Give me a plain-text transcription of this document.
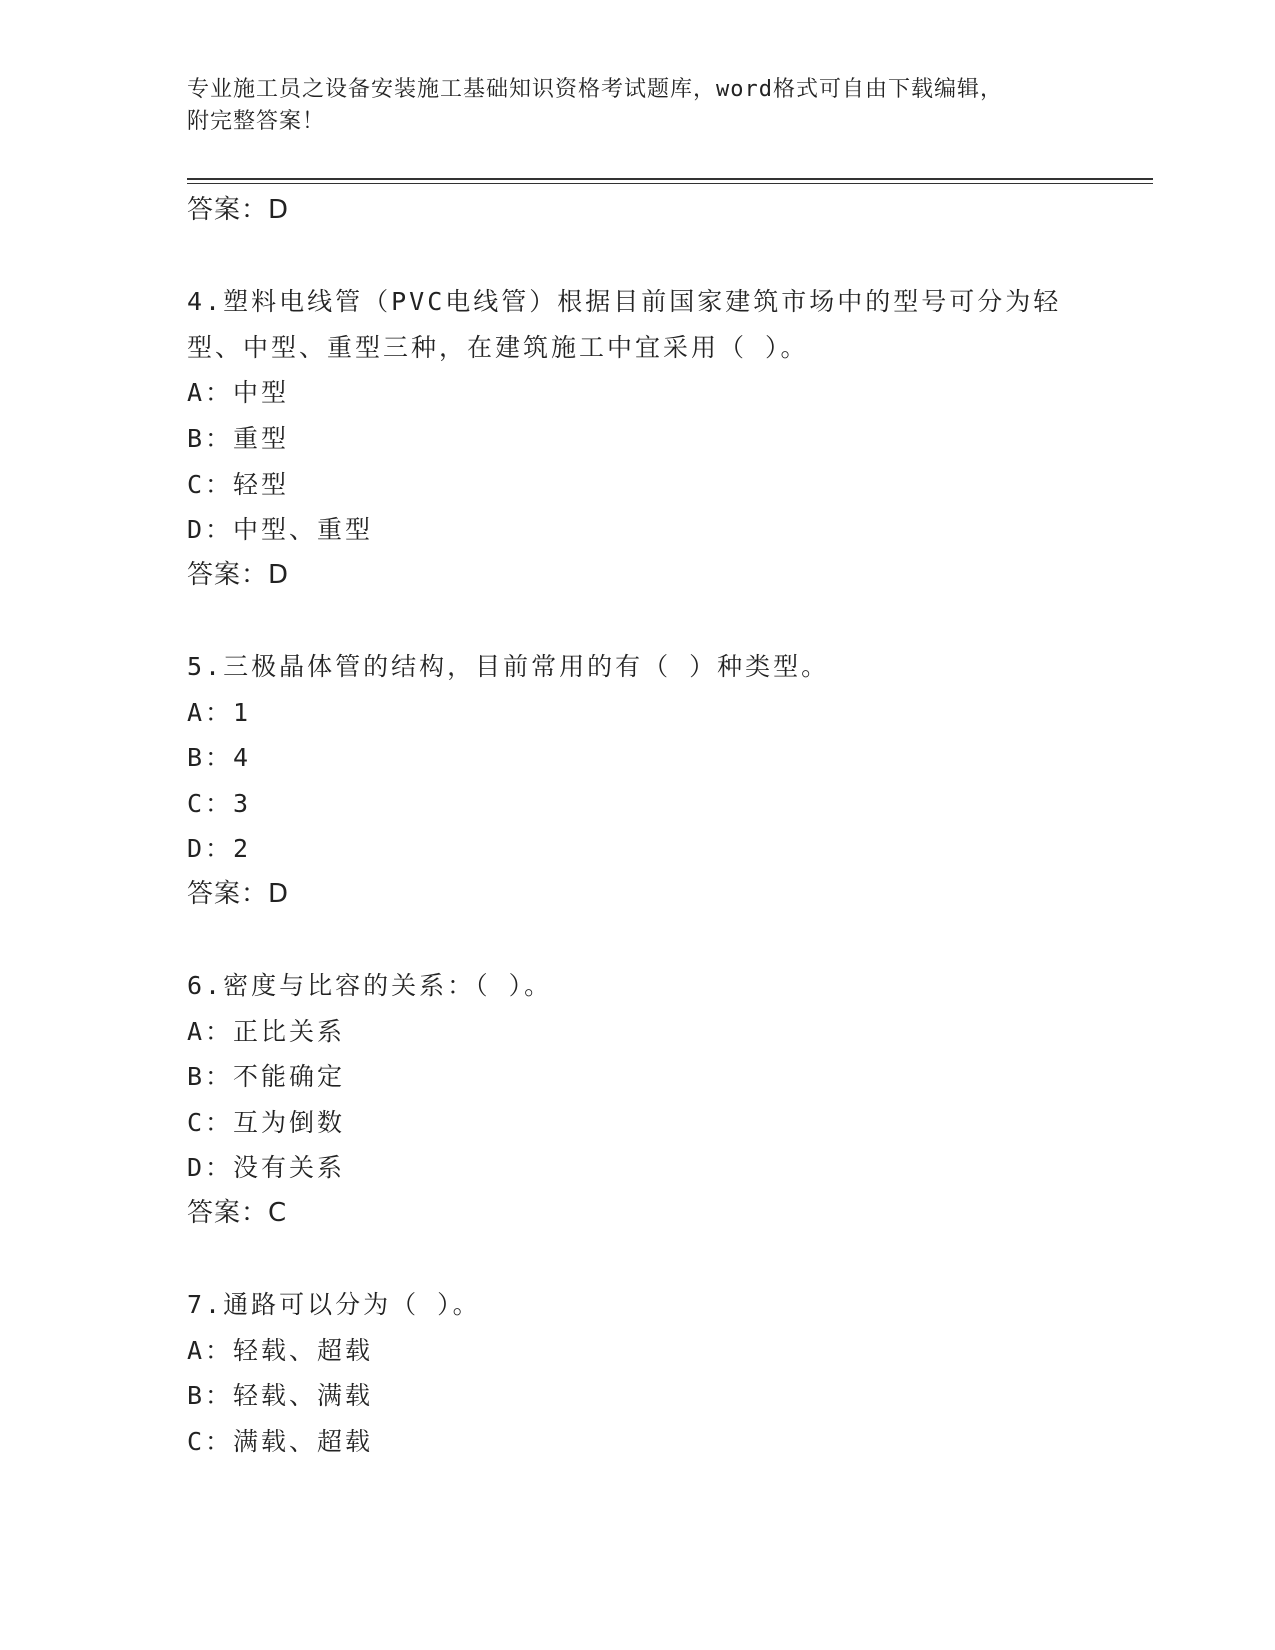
专业施工员之设备安装施工基础知识资格考试题库，word格式可自由下载编辑，
附完整答案！
答案：D
4.塑料电线管（PVC电线管）根据目前国家建筑市场中的型号可分为轻
型、中型、重型三种，在建筑施工中宜采用（ ）。
A：中型
B：重型
C：轻型
D：中型、重型
答案：D
5.三极晶体管的结构，目前常用的有（ ）种类型。
A：1
B：4
C：3
D：2
答案：D
6.密度与比容的关系：（ ）。
A：正比关系
B：不能确定
C：互为倒数
D：没有关系
答案：C
7.通路可以分为（ ）。
A：轻载、超载
B：轻载、满载
C：满载、超载
